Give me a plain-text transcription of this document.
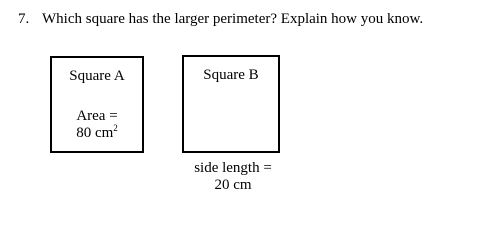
7. Which square has the larger perimeter? Explain how you know.
Square A
Area =
80 $cm^2$
Square B
side length =
20 cm
